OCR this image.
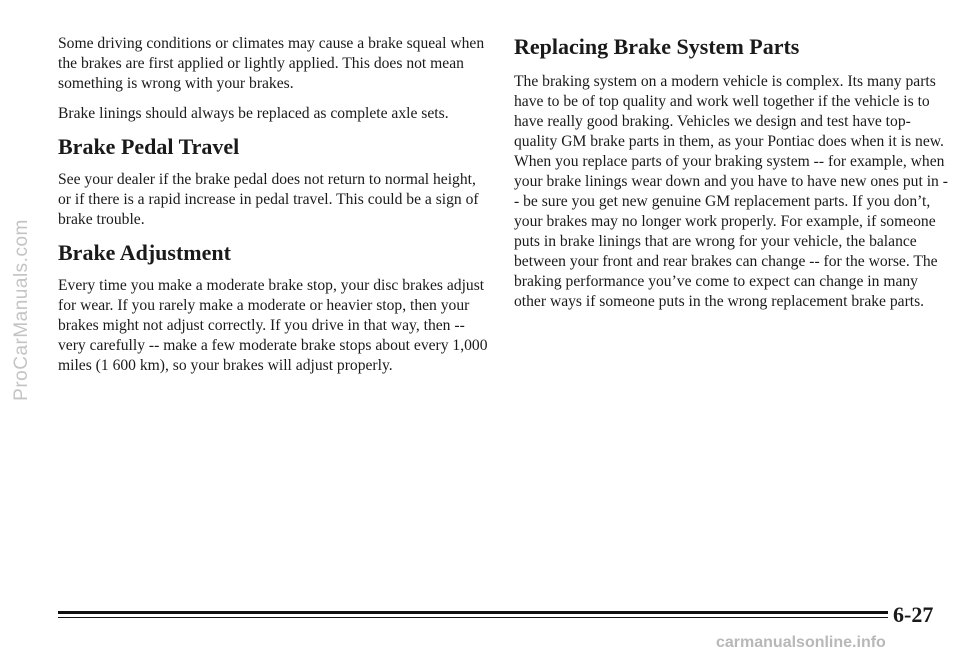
ProCarManuals.com

Some driving conditions or climates may cause a brake squeal when the brakes are first applied or lightly applied. This does not mean something is wrong with your brakes.

Brake linings should always be replaced as complete axle sets.

Brake Pedal Travel

See your dealer if the brake pedal does not return to normal height, or if there is a rapid increase in pedal travel. This could be a sign of brake trouble.

Brake Adjustment

Every time you make a moderate brake stop, your disc brakes adjust for wear. If you rarely make a moderate or heavier stop, then your brakes might not adjust correctly. If you drive in that way, then -- very carefully -- make a few moderate brake stops about every 1,000 miles (1 600 km), so your brakes will adjust properly.

Replacing Brake System Parts

The braking system on a modern vehicle is complex. Its many parts have to be of top quality and work well together if the vehicle is to have really good braking. Vehicles we design and test have top-quality GM brake parts in them, as your Pontiac does when it is new. When you replace parts of your braking system -- for example, when your brake linings wear down and you have to have new ones put in -- be sure you get new genuine GM replacement parts. If you don’t, your brakes may no longer work properly. For example, if someone puts in brake linings that are wrong for your vehicle, the balance between your front and rear brakes can change -- for the worse. The braking performance you’ve come to expect can change in many other ways if someone puts in the wrong replacement brake parts.

6-27
carmanualsonline.info
